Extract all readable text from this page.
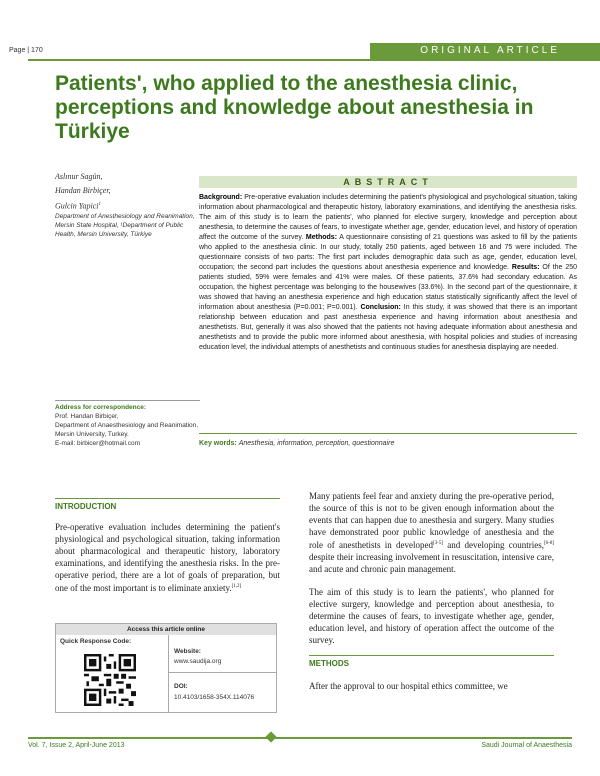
Page | 170	ORIGINAL ARTICLE
Patients', who applied to the anesthesia clinic, perceptions and knowledge about anesthesia in Türkiye
Aslınur Sagün,
Handan Birbiçer,
Gulcin Yapici$^1$
Department of Anesthesiology and Reanimation, Mersin State Hospital, ¹Department of Public Health, Mersin University, Türkiye
Address for correspondence:
Prof. Handan Birbiçer,
Department of Anaesthesiology and Reanimation, Mersin University, Turkey.
E-mail: birbicer@hotmail.com
ABSTRACT
Background: Pre-operative evaluation includes determining the patient's physiological and psychological situation, taking information about pharmacological and therapeutic history, laboratory examinations, and identifying the anesthesia risks. The aim of this study is to learn the patients', who planned for elective surgery, knowledge and perception about anesthesia, to determine the causes of fears, to investigate whether age, gender, education level, and history of operation affect the outcome of the survey. Methods: A questionnaire consisting of 21 questions was asked to fill by the patients who applied to the anesthesia clinic. In our study, totally 250 patients, aged between 16 and 75 were included. The questionnaire consists of two parts: The first part includes demographic data such as age, gender, education level, occupation; the second part includes the questions about anesthesia experience and knowledge. Results: Of the 250 patients studied, 59% were females and 41% were males. Of these patients, 37.6% had secondary education. As occupation, the highest percentage was belonging to the housewives (33.6%). In the second part of the questionnaire, it was showed that having an anesthesia experience and high education status statistically significantly affect the level of information about anesthesia (P=0.001; P=0.001). Conclusion: In this study, it was showed that there is an important relationship between education and past anesthesia experience and having information about anesthesia and anesthetists. But, generally it was also showed that the patients not having adequate information about anesthesia and anesthetists and to provide the public more informed about anesthesia, with hospital policies and studies of increasing education level, the individual attempts of anesthetists and continuous studies for anesthesia displaying are needed.
Key words: Anesthesia, information, perception, questionnaire
INTRODUCTION
Pre-operative evaluation includes determining the patient's physiological and psychological situation, taking information about pharmacological and therapeutic history, laboratory examinations, and identifying the anesthesia risks. In the pre-operative period, there are a lot of goals of preparation, but one of the most important is to eliminate anxiety.[1,2]

Many patients feel fear and anxiety during the pre-operative period, the source of this is not to be given enough information about the events that can happen due to anesthesia and surgery. Many studies have demonstrated poor public knowledge of anesthesia and the role of anesthetists in developed[3-5] and developing countries,[6-8] despite their increasing involvement in resuscitation, intensive care, and acute and chronic pain management.

The aim of this study is to learn the patients', who planned for elective surgery, knowledge and perception about anesthesia, to determine the causes of fears, to investigate whether age, gender, education level, and history of operation affect the outcome of the survey.

METHODS
After the approval to our hospital ethics committee, we
Access this article online
Quick Response Code:
Website:
www.saudija.org
DOI:
10.4103/1658-354X.114076
Vol. 7, Issue 2, April-June 2013	Saudi Journal of Anaesthesia
